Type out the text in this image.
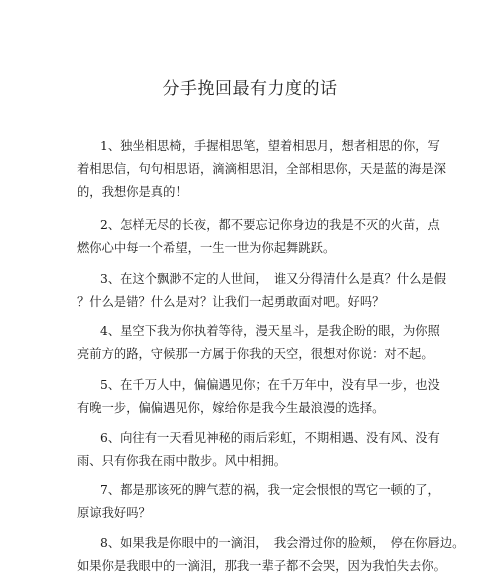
分手挽回最有力度的话
1、独坐相思椅，手握相思笔，望着相思月，想者相思的你，写
着相思信，句句相思语，滴滴相思泪，全部相思你，天是蓝的海是深
的，我想你是真的！
2、怎样无尽的长夜，都不要忘记你身边的我是不灭的火苗，点
燃你心中每一个希望，一生一世为你起舞跳跃。
3、在这个飘渺不定的人世间，　谁又分得清什么是真？什么是假
？什么是错？什么是对？让我们一起勇敢面对吧。好吗？
4、星空下我为你执着等待，漫天星斗，是我企盼的眼，为你照
亮前方的路，守候那一方属于你我的天空，很想对你说：对不起。
5、在千万人中，偏偏遇见你；在千万年中，没有早一步，也没
有晚一步，偏偏遇见你，嫁给你是我今生最浪漫的选择。
6、向往有一天看见神秘的雨后彩虹，不期相遇、没有风、没有
雨、只有你我在雨中散步。风中相拥。
7、都是那该死的脾气惹的祸，我一定会恨恨的骂它一顿的了，
原谅我好吗？
8、如果我是你眼中的一滴泪，　我会滑过你的脸颊，　停在你唇边。
如果你是我眼中的一滴泪，那我一辈子都不会哭，因为我怕失去你。
